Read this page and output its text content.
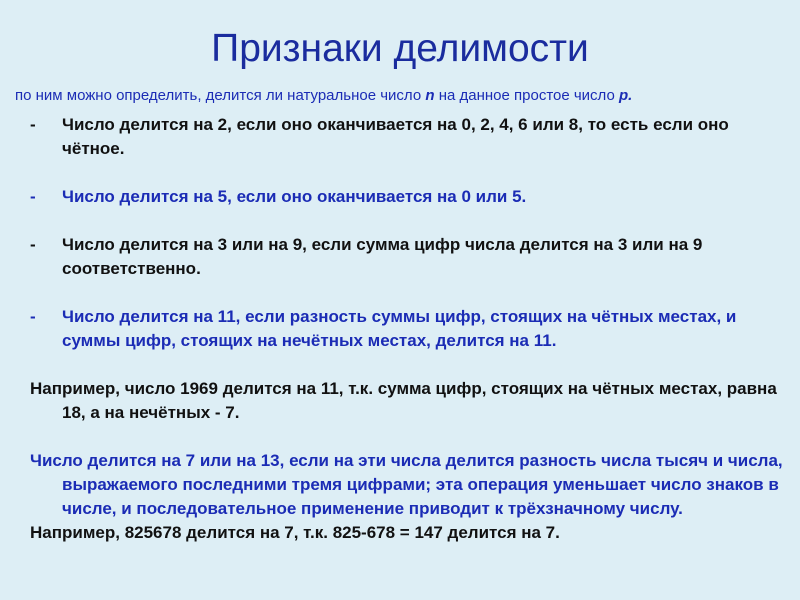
Признаки делимости
по ним можно определить, делится ли натуральное число n на данное простое число p.

- Число делится на 2, если оно оканчивается на 0, 2, 4, 6 или 8, то есть если оно чётное.

- Число делится на 5, если оно оканчивается на 0 или 5.

- Число делится на 3 или на 9, если сумма цифр числа делится на 3 или на 9 соответственно.

- Число делится на 11, если разность суммы цифр, стоящих на чётных местах, и суммы цифр, стоящих на нечётных местах, делится на 11.

Например, число 1969 делится на 11, т.к. сумма цифр, стоящих на чётных местах, равна 18, а на нечётных - 7.

Число делится на 7 или на 13, если на эти числа делится разность числа тысяч и числа, выражаемого последними тремя цифрами; эта операция уменьшает число знаков в числе, и последовательное применение приводит к трёхзначному числу.

Например, 825678 делится на 7, т.к. 825-678 = 147 делится на 7.
